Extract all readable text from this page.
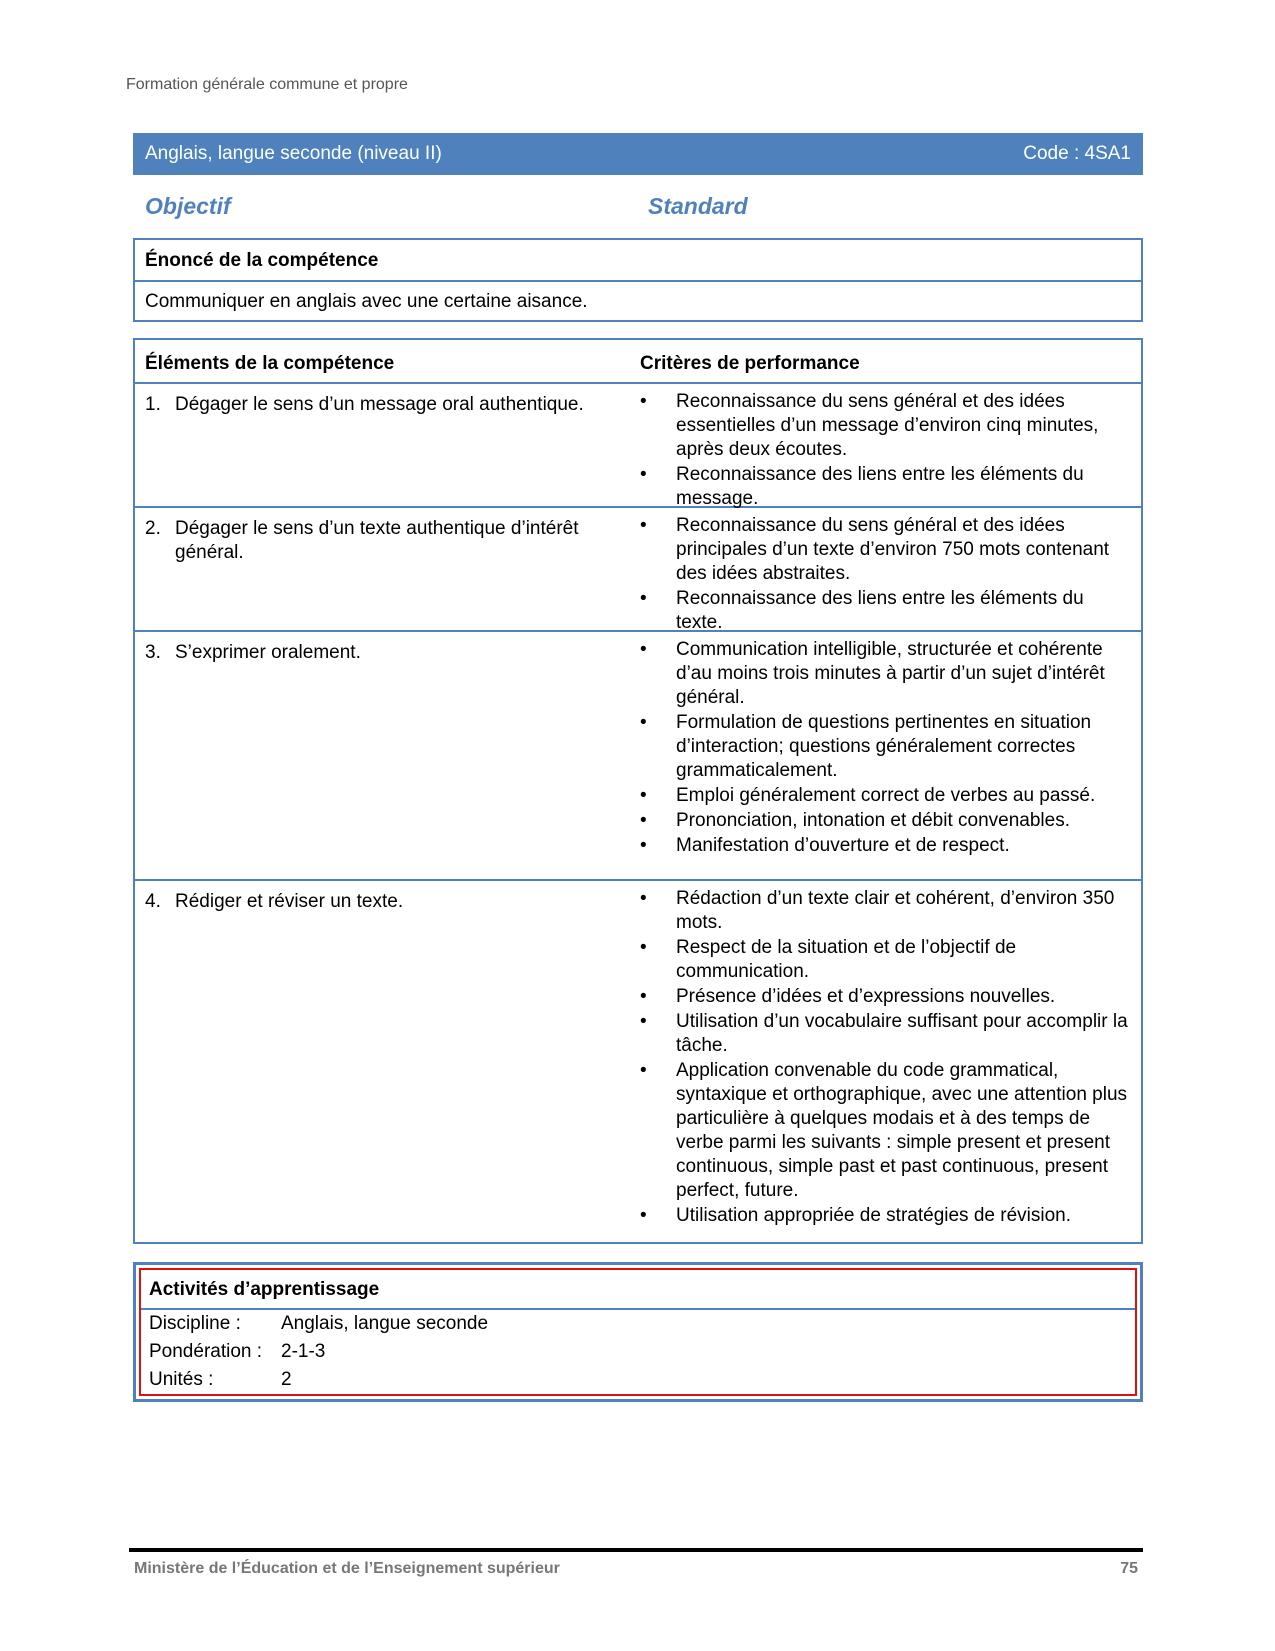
Formation générale commune et propre
Anglais, langue seconde (niveau II)	Code : 4SA1
Objectif	Standard
Énoncé de la compétence
Communiquer en anglais avec une certaine aisance.
Éléments de la compétence	Critères de performance
1. Dégager le sens d’un message oral authentique.	• Reconnaissance du sens général et des idées essentielles d’un message d’environ cinq minutes, après deux écoutes.
• Reconnaissance des liens entre les éléments du message.
2. Dégager le sens d’un texte authentique d’intérêt général.
• Reconnaissance du sens général et des idées principales d’un texte d’environ 750 mots contenant des idées abstraites.
• Reconnaissance des liens entre les éléments du texte.
3. S’exprimer oralement.	• Communication intelligible, structurée et cohérente d’au moins trois minutes à partir d’un sujet d’intérêt général.
• Formulation de questions pertinentes en situation d’interaction; questions généralement correctes grammaticalement.
• Emploi généralement correct de verbes au passé.
• Prononciation, intonation et débit convenables.
• Manifestation d’ouverture et de respect.
4. Rédiger et réviser un texte.	• Rédaction d’un texte clair et cohérent, d’environ 350 mots.
• Respect de la situation et de l’objectif de communication.
• Présence d’idées et d’expressions nouvelles.
• Utilisation d’un vocabulaire suffisant pour accomplir la tâche.
• Application convenable du code grammatical, syntaxique et orthographique, avec une attention plus particulière à quelques modais et à des temps de verbe parmi les suivants : simple present et present continuous, simple past et past continuous, present perfect, future.
• Utilisation appropriée de stratégies de révision.
Activités d’apprentissage
Discipline : Anglais, langue seconde
Pondération : 2-1-3
Unités :	2
Ministère de l’Éducation et de l’Enseignement supérieur	75
